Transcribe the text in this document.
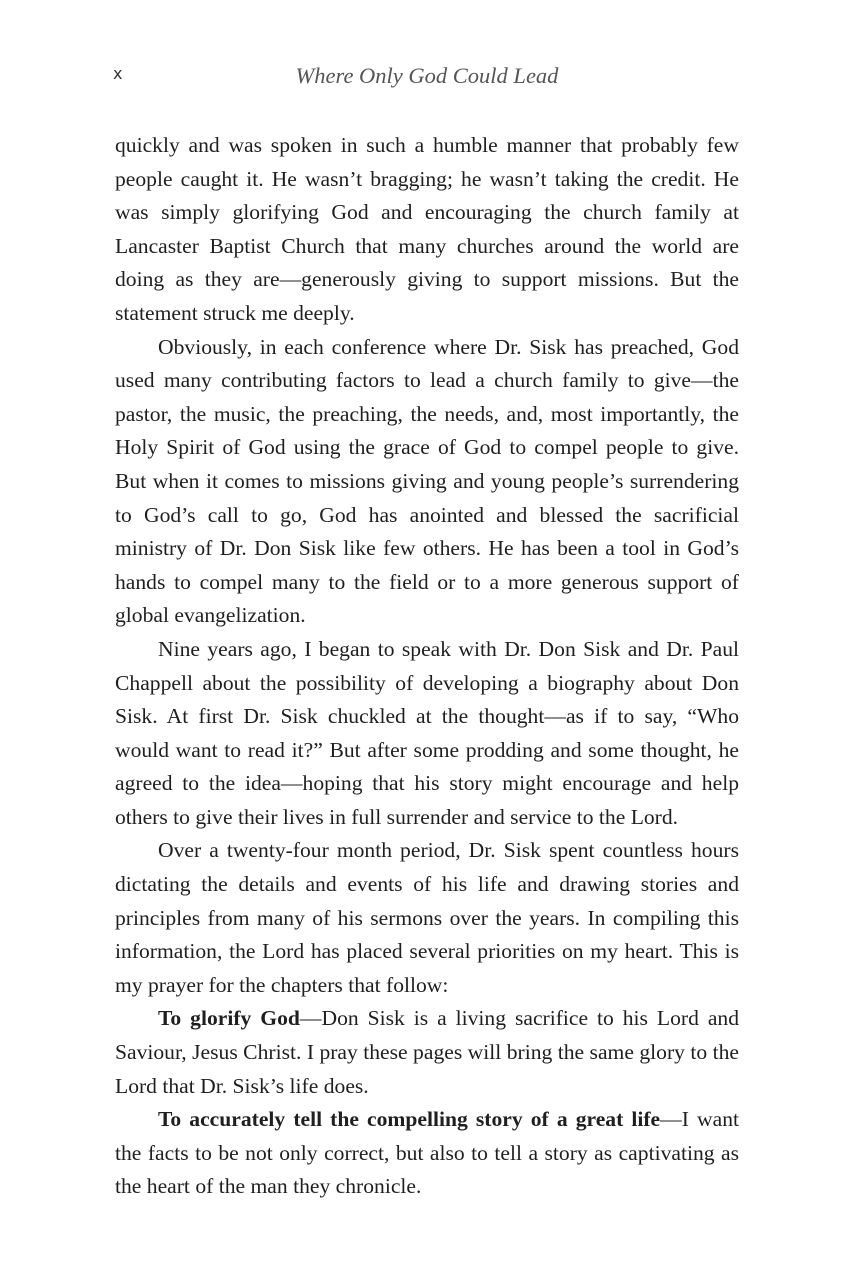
x	Where Only God Could Lead

quickly and was spoken in such a humble manner that probably few people caught it. He wasn’t bragging; he wasn’t taking the credit. He was simply glorifying God and encouraging the church family at Lancaster Baptist Church that many churches around the world are doing as they are—generously giving to support missions. But the statement struck me deeply.

Obviously, in each conference where Dr. Sisk has preached, God used many contributing factors to lead a church family to give—the pastor, the music, the preaching, the needs, and, most importantly, the Holy Spirit of God using the grace of God to compel people to give. But when it comes to missions giving and young people’s surrendering to God’s call to go, God has anointed and blessed the sacrificial ministry of Dr. Don Sisk like few others. He has been a tool in God’s hands to compel many to the field or to a more generous support of global evangelization.

Nine years ago, I began to speak with Dr. Don Sisk and Dr. Paul Chappell about the possibility of developing a biography about Don Sisk. At first Dr. Sisk chuckled at the thought—as if to say, “Who would want to read it?” But after some prodding and some thought, he agreed to the idea—hoping that his story might encourage and help others to give their lives in full surrender and service to the Lord.

Over a twenty-four month period, Dr. Sisk spent countless hours dictating the details and events of his life and drawing stories and principles from many of his sermons over the years. In compiling this information, the Lord has placed several priorities on my heart. This is my prayer for the chapters that follow:

To glorify God—Don Sisk is a living sacrifice to his Lord and Saviour, Jesus Christ. I pray these pages will bring the same glory to the Lord that Dr. Sisk’s life does.

To accurately tell the compelling story of a great life—I want the facts to be not only correct, but also to tell a story as captivating as the heart of the man they chronicle.
